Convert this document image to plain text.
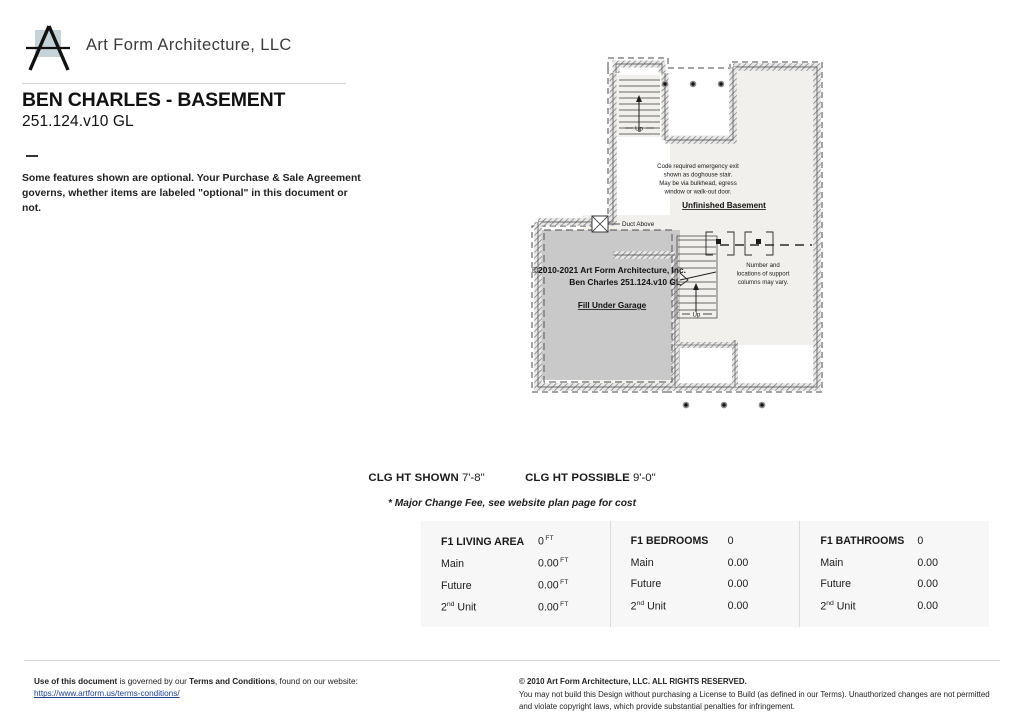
Art Form Architecture, LLC
BEN CHARLES - BASEMENT
251.124.v10 GL
Some features shown are optional. Your Purchase & Sale Agreement governs, whether items are labeled "optional" in this document or not.
Up
Up
Duct Above
Code required emergency exit
shown as doghouse stair.
May be via bulkhead, egress
window or walk-out door.
Number and
locations of support
columns may vary.
Unfinished Basement
Fill Under Garage
©2010-2021 Art Form Architecture, Inc.
Ben Charles 251.124.v10 GL
CLG HT SHOWN 7'-8"	CLG HT POSSIBLE 9'-0"
* Major Change Fee, see website plan page for cost
F1 LIVING AREA	0 $^{FT}$
Main	0.00 $^{FT}$
Future	0.00 $^{FT}$
2nd Unit	0.00 $^{FT}$
F1 BEDROOMS	0
Main	0.00
Future	0.00
2nd Unit	0.00
F1 BATHROOMS	0
Main	0.00
Future	0.00
2nd Unit	0.00
Use of this document is governed by our Terms and Conditions, found on our website:
https://www.artform.us/terms-conditions/
© 2010 Art Form Architecture, LLC. ALL RIGHTS RESERVED.
You may not build this Design without purchasing a License to Build (as defined in our Terms). Unauthorized changes are not permitted and violate copyright laws, which provide substantial penalties for infringement.
